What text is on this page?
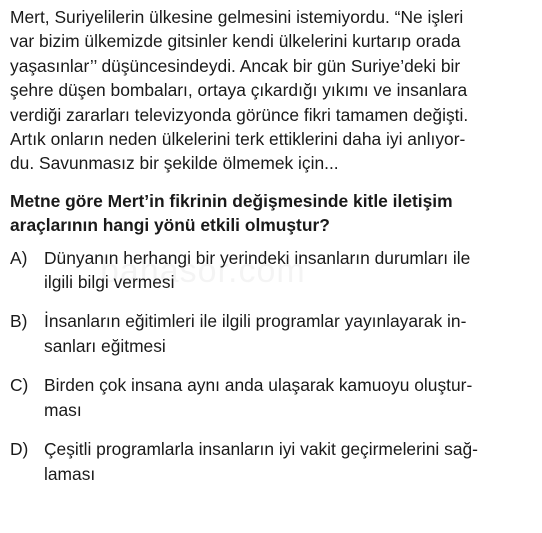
Mert, Suriyelilerin ülkesine gelmesini istemiyordu. “Ne işleri
var bizim ülkemizde gitsinler kendi ülkelerini kurtarıp orada
yaşasınlar’’ düşüncesindeydi. Ancak bir gün Suriye’deki bir
şehre düşen bombaları, ortaya çıkardığı yıkımı ve insanlara
verdiği zararları televizyonda görünce fikri tamamen değişti.
Artık onların neden ülkelerini terk ettiklerini daha iyi anlıyor-
du. Savunmasız bir şekilde ölmemek için...

Metne göre Mert’in fikrinin değişmesinde kitle iletişim
araçlarının hangi yönü etkili olmuştur?

A) Dünyanın herhangi bir yerindeki insanların durumları ile
ilgili bilgi vermesi
B) İnsanların eğitimleri ile ilgili programlar yayınlayarak in-
sanları eğitmesi
C) Birden çok insana aynı anda ulaşarak kamuoyu oluştur-
ması
D) Çeşitli programlarla insanların iyi vakit geçirmelerini sağ-
laması
